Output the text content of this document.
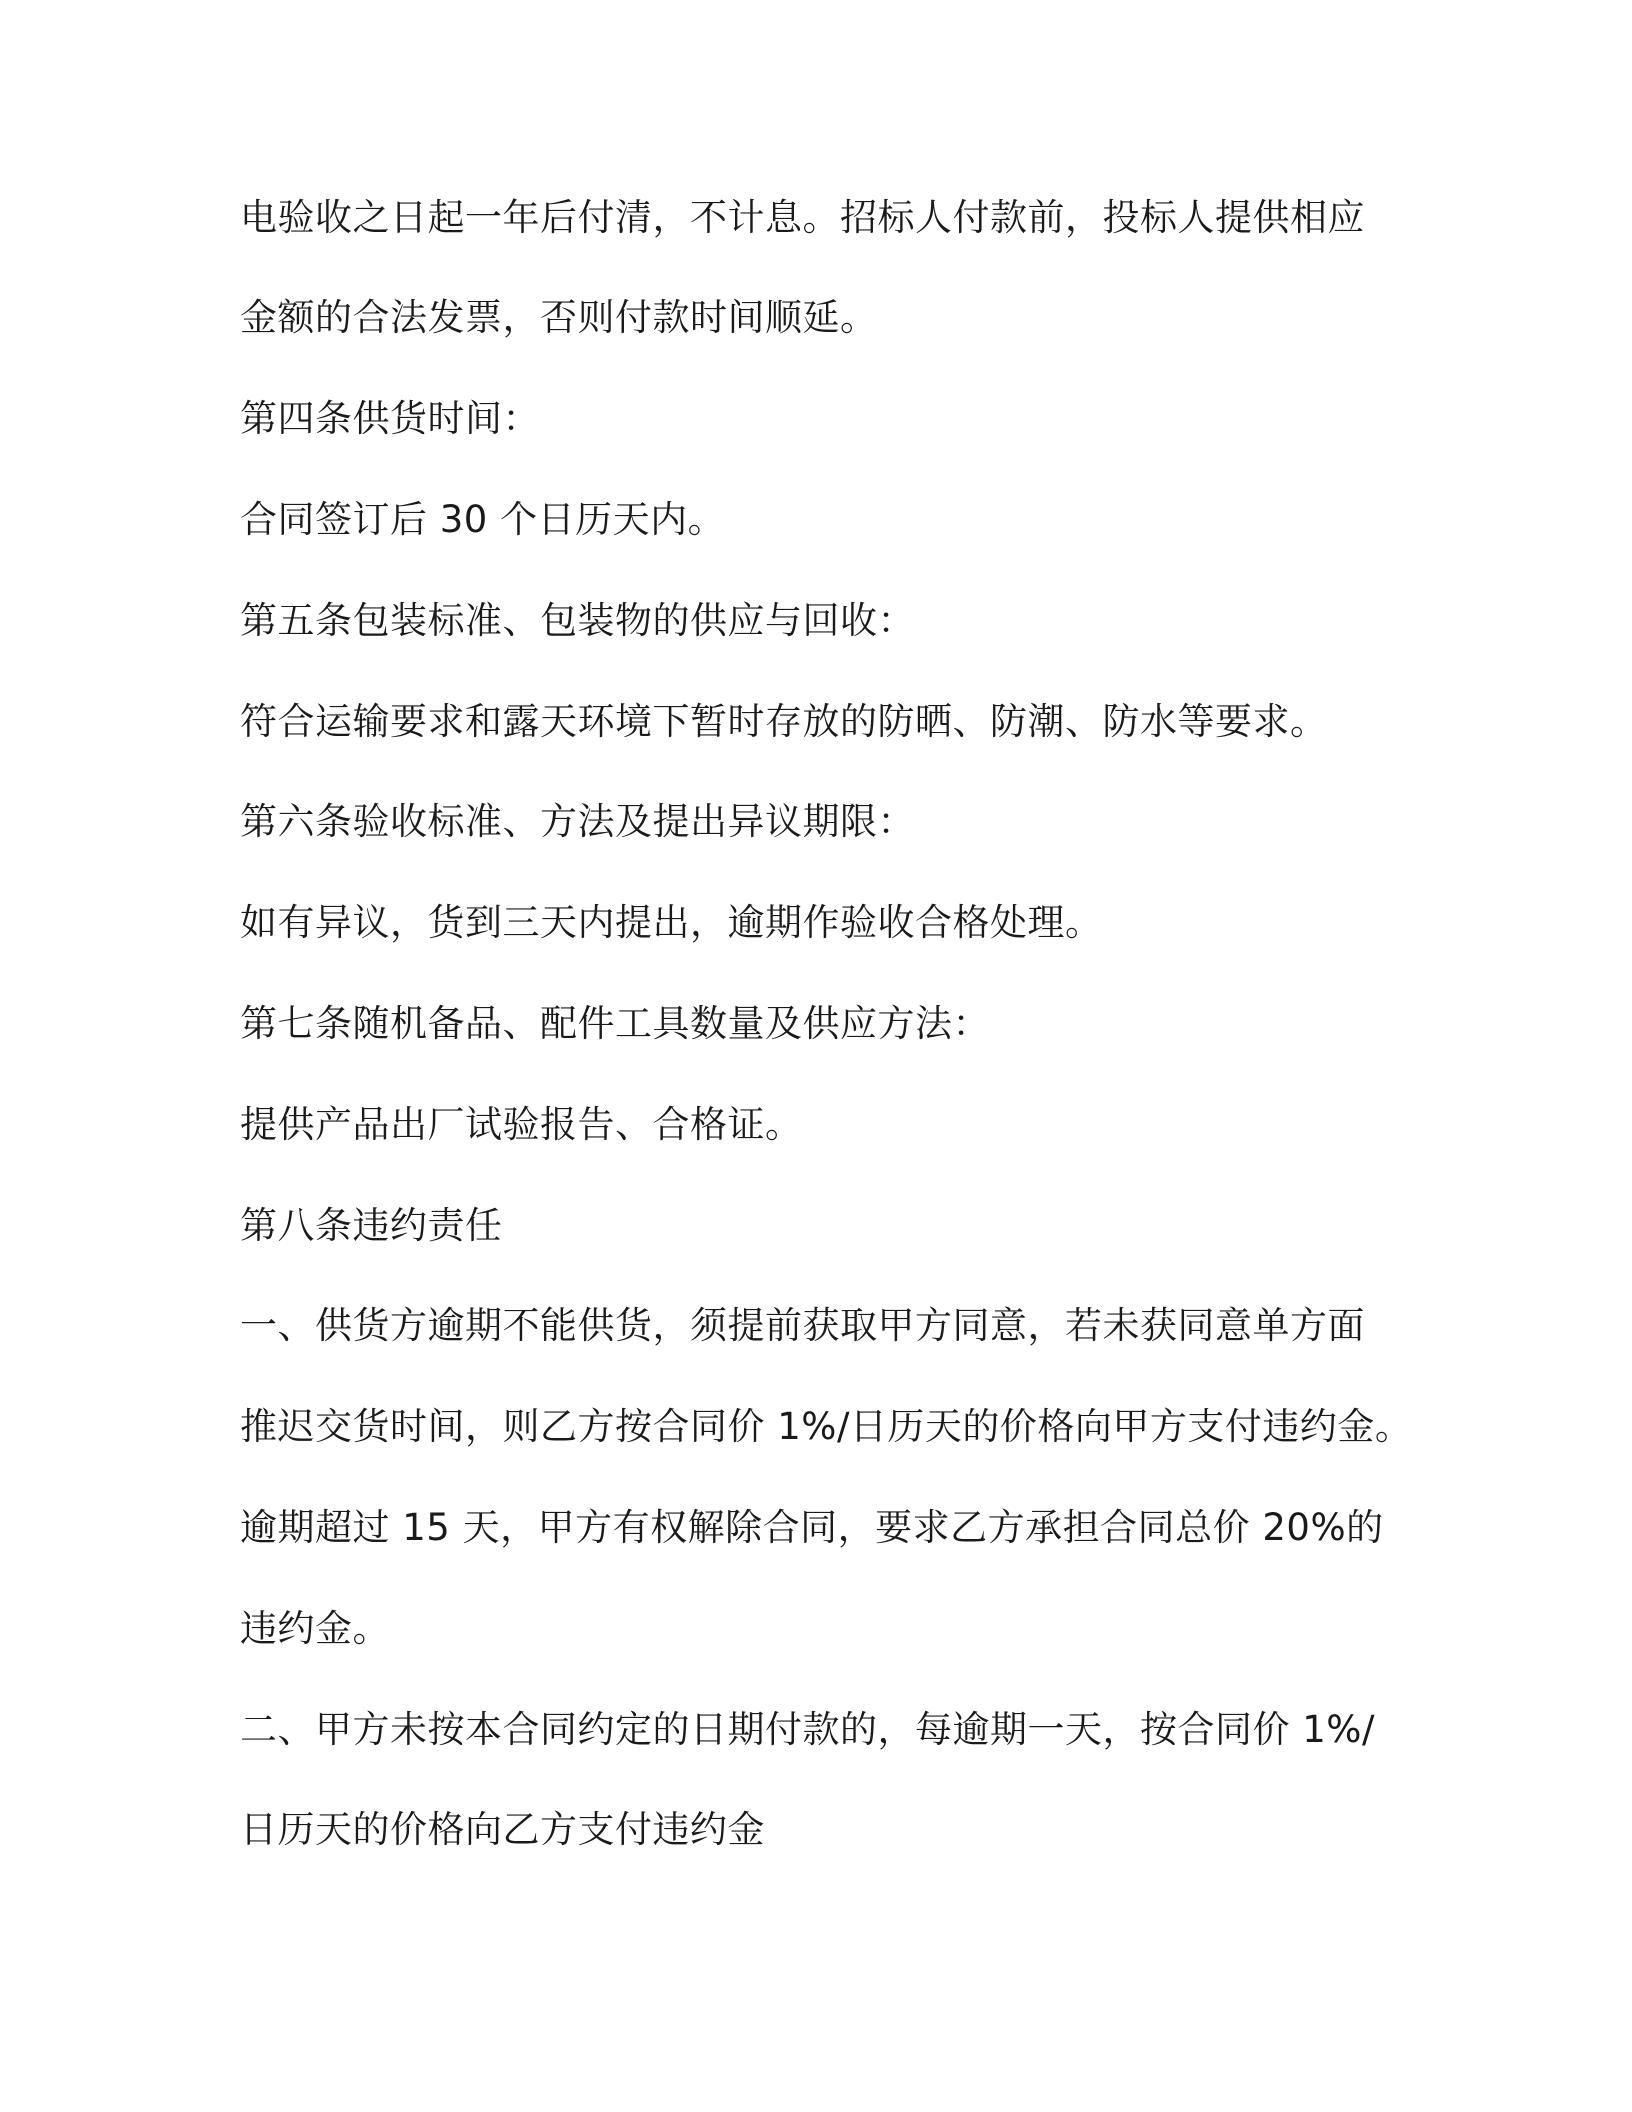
电验收之日起一年后付清，不计息。招标人付款前，投标人提供相应
金额的合法发票，否则付款时间顺延。
第四条供货时间：
合同签订后 30 个日历天内。
第五条包装标准、包装物的供应与回收：
符合运输要求和露天环境下暂时存放的防晒、防潮、防水等要求。
第六条验收标准、方法及提出异议期限：
如有异议，货到三天内提出，逾期作验收合格处理。
第七条随机备品、配件工具数量及供应方法：
提供产品出厂试验报告、合格证。
第八条违约责任
一、供货方逾期不能供货，须提前获取甲方同意，若未获同意单方面
推迟交货时间，则乙方按合同价 1%/日历天的价格向甲方支付违约金。
逾期超过 15 天，甲方有权解除合同，要求乙方承担合同总价 20%的
违约金。
二、甲方未按本合同约定的日期付款的，每逾期一天，按合同价 1%/
日历天的价格向乙方支付违约金
